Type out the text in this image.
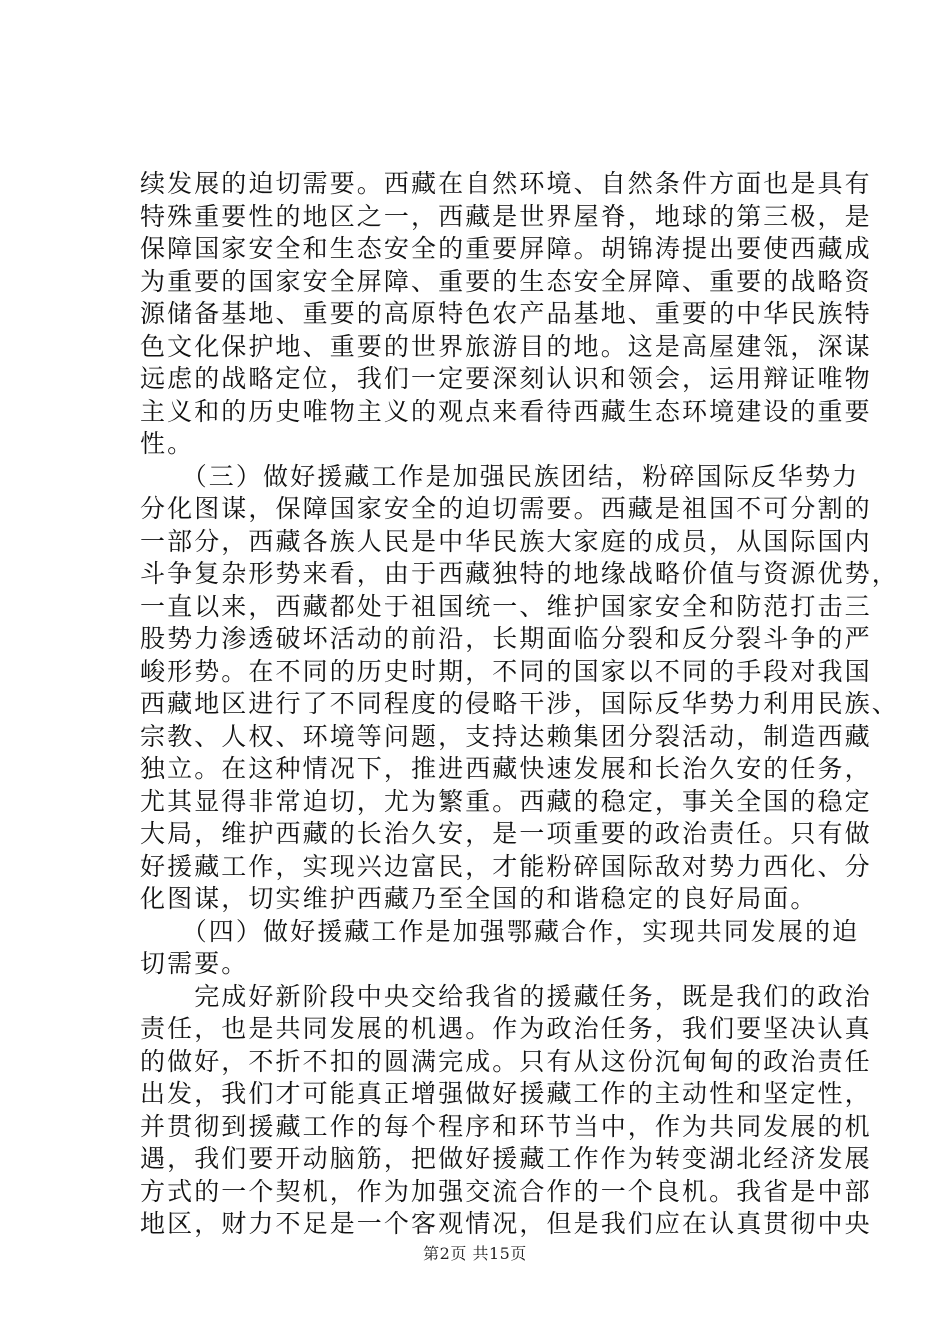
续发展的迫切需要。西藏在自然环境、自然条件方面也是具有
特殊重要性的地区之一，西藏是世界屋脊，地球的第三极，是
保障国家安全和生态安全的重要屏障。胡锦涛提出要使西藏成
为重要的国家安全屏障、重要的生态安全屏障、重要的战略资
源储备基地、重要的高原特色农产品基地、重要的中华民族特
色文化保护地、重要的世界旅游目的地。这是高屋建瓴，深谋
远虑的战略定位，我们一定要深刻认识和领会，运用辩证唯物
主义和的历史唯物主义的观点来看待西藏生态环境建设的重要
性。
　　（三）做好援藏工作是加强民族团结，粉碎国际反华势力
分化图谋，保障国家安全的迫切需要。西藏是祖国不可分割的
一部分，西藏各族人民是中华民族大家庭的成员，从国际国内
斗争复杂形势来看，由于西藏独特的地缘战略价值与资源优势，
一直以来，西藏都处于祖国统一、维护国家安全和防范打击三
股势力渗透破坏活动的前沿，长期面临分裂和反分裂斗争的严
峻形势。在不同的历史时期，不同的国家以不同的手段对我国
西藏地区进行了不同程度的侵略干涉，国际反华势力利用民族、
宗教、人权、环境等问题，支持达赖集团分裂活动，制造西藏
独立。在这种情况下，推进西藏快速发展和长治久安的任务，
尤其显得非常迫切，尤为繁重。西藏的稳定，事关全国的稳定
大局，维护西藏的长治久安，是一项重要的政治责任。只有做
好援藏工作，实现兴边富民，才能粉碎国际敌对势力西化、分
化图谋，切实维护西藏乃至全国的和谐稳定的良好局面。
　　（四）做好援藏工作是加强鄂藏合作，实现共同发展的迫
切需要。
　　完成好新阶段中央交给我省的援藏任务，既是我们的政治
责任，也是共同发展的机遇。作为政治任务，我们要坚决认真
的做好，不折不扣的圆满完成。只有从这份沉甸甸的政治责任
出发，我们才可能真正增强做好援藏工作的主动性和坚定性，
并贯彻到援藏工作的每个程序和环节当中，作为共同发展的机
遇，我们要开动脑筋，把做好援藏工作作为转变湖北经济发展
方式的一个契机，作为加强交流合作的一个良机。我省是中部
地区，财力不足是一个客观情况，但是我们应在认真贯彻中央
第2页 共15页
